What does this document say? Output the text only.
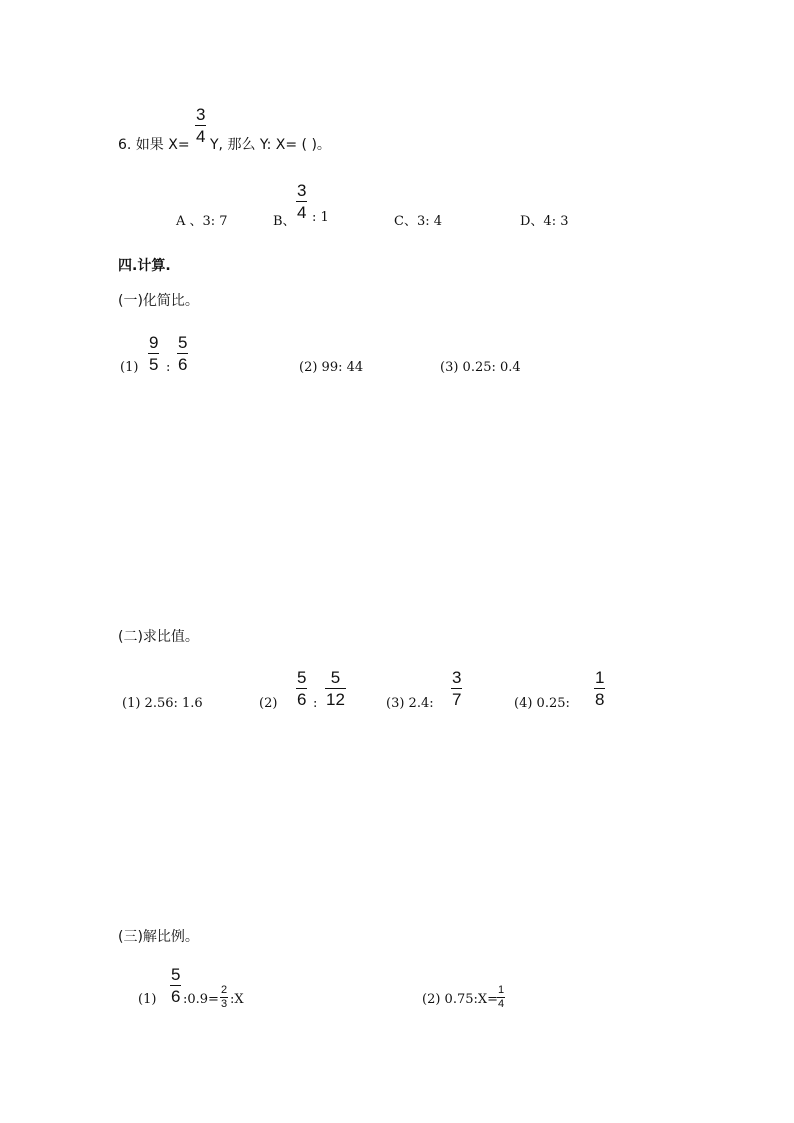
6. 如果 X=
3
4 Y, 那么 Y: X= ( )。
A 、3: 7	B、
3
4 : 1	C、3: 4	D、4: 3
四.计算.
(一)化简比。
(1)
9
5 :
5
6	(2) 99: 44	(3) 0.25: 0.4
(二)求比值。
(1) 2.56: 1.6	(2)
5
6 :
5
12	(3) 2.4:
3
7	(4) 0.25:
1
8
(三)解比例。
(1)
5
6 :0.9=
2
3 :X	(2) 0.75:X=
1
4
